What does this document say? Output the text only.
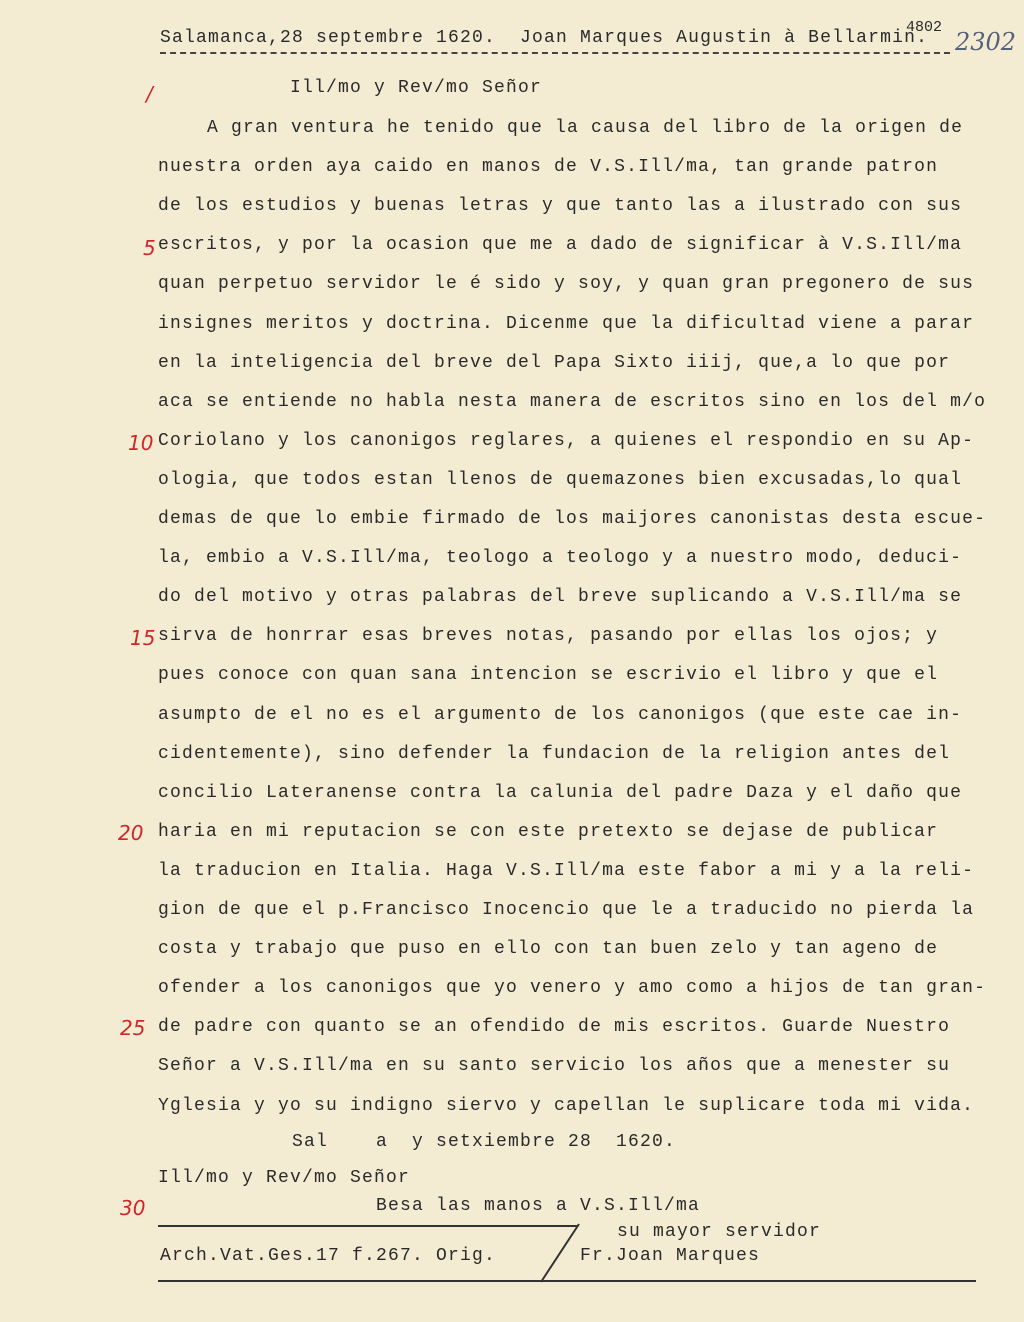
Salamanca,28 septembre 1620.  Joan Marques Augustin à Bellarmin.
4802
2302
Ill/mo y Rev/mo Señor
A gran ventura he tenido que la causa del libro de la origen de
nuestra orden aya caido en manos de V.S.Ill/ma, tan grande patron
de los estudios y buenas letras y que tanto las a ilustrado con sus
escritos, y por la ocasion que me a dado de significar à V.S.Ill/ma
quan perpetuo servidor le é sido y soy, y quan gran pregonero de sus
insignes meritos y doctrina. Dicenme que la dificultad viene a parar
en la inteligencia del breve del Papa Sixto iiij, que,a lo que por
aca se entiende no habla nesta manera de escritos sino en los del m/o
Coriolano y los canonigos reglares, a quienes el respondio en su Ap-
ologia, que todos estan llenos de quemazones bien excusadas,lo qual
demas de que lo embie firmado de los maijores canonistas desta escue-
la, embio a V.S.Ill/ma, teologo a teologo y a nuestro modo, deduci-
do del motivo y otras palabras del breve suplicando a V.S.Ill/ma se
sirva de honrrar esas breves notas, pasando por ellas los ojos; y
pues conoce con quan sana intencion se escrivio el libro y que el
asumpto de el no es el argumento de los canonigos (que este cae in-
cidentemente), sino defender la fundacion de la religion antes del
concilio Lateranense contra la calunia del padre Daza y el daño que
haria en mi reputacion se con este pretexto se dejase de publicar
la traducion en Italia. Haga V.S.Ill/ma este fabor a mi y a la reli-
gion de que el p.Francisco Inocencio que le a traducido no pierda la
costa y trabajo que puso en ello con tan buen zelo y tan ageno de
ofender a los canonigos que yo venero y amo como a hijos de tan gran-
de padre con quanto se an ofendido de mis escritos. Guarde Nuestro
Señor a V.S.Ill/ma en su santo servicio los años que a menester su
Yglesia y yo su indigno siervo y capellan le suplicare toda mi vida.
/
5
10
15
20
25
30
Sal    a  y setxiembre 28  1620.
Ill/mo y Rev/mo Señor
Besa las manos a V.S.Ill/ma
su mayor servidor
Arch.Vat.Ges.17 f.267. Orig.	Fr.Joan Marques
